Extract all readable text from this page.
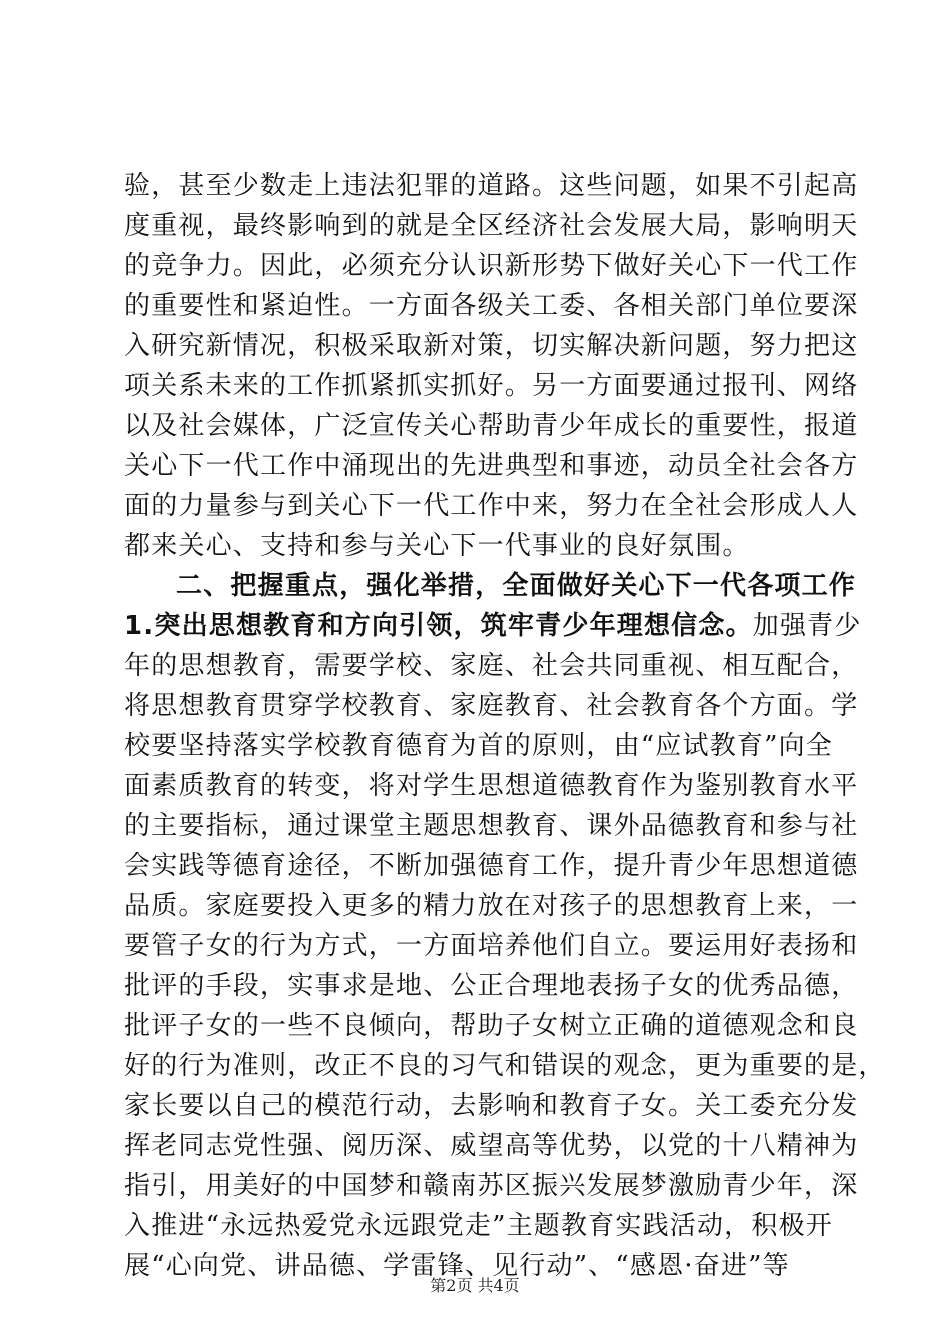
验，甚至少数走上违法犯罪的道路。这些问题，如果不引起高
度重视，最终影响到的就是全区经济社会发展大局，影响明天
的竞争力。因此，必须充分认识新形势下做好关心下一代工作
的重要性和紧迫性。一方面各级关工委、各相关部门单位要深
入研究新情况，积极采取新对策，切实解决新问题，努力把这
项关系未来的工作抓紧抓实抓好。另一方面要通过报刊、网络
以及社会媒体，广泛宣传关心帮助青少年成长的重要性，报道
关心下一代工作中涌现出的先进典型和事迹，动员全社会各方
面的力量参与到关心下一代工作中来，努力在全社会形成人人
都来关心、支持和参与关心下一代事业的良好氛围。
二、把握重点，强化举措，全面做好关心下一代各项工作
1.突出思想教育和方向引领，筑牢青少年理想信念。加强青少
年的思想教育，需要学校、家庭、社会共同重视、相互配合，
将思想教育贯穿学校教育、家庭教育、社会教育各个方面。学
校要坚持落实学校教育德育为首的原则，由“应试教育”向全
面素质教育的转变，将对学生思想道德教育作为鉴别教育水平
的主要指标，通过课堂主题思想教育、课外品德教育和参与社
会实践等德育途径，不断加强德育工作，提升青少年思想道德
品质。家庭要投入更多的精力放在对孩子的思想教育上来，一
要管子女的行为方式，一方面培养他们自立。要运用好表扬和
批评的手段，实事求是地、公正合理地表扬子女的优秀品德，
批评子女的一些不良倾向，帮助子女树立正确的道德观念和良
好的行为准则，改正不良的习气和错误的观念，更为重要的是，
家长要以自己的模范行动，去影响和教育子女。关工委充分发
挥老同志党性强、阅历深、威望高等优势，以党的十八精神为
指引，用美好的中国梦和赣南苏区振兴发展梦激励青少年，深
入推进“永远热爱党永远跟党走”主题教育实践活动，积极开
展“心向党、讲品德、学雷锋、见行动”、“感恩·奋进”等
第2页 共4页
